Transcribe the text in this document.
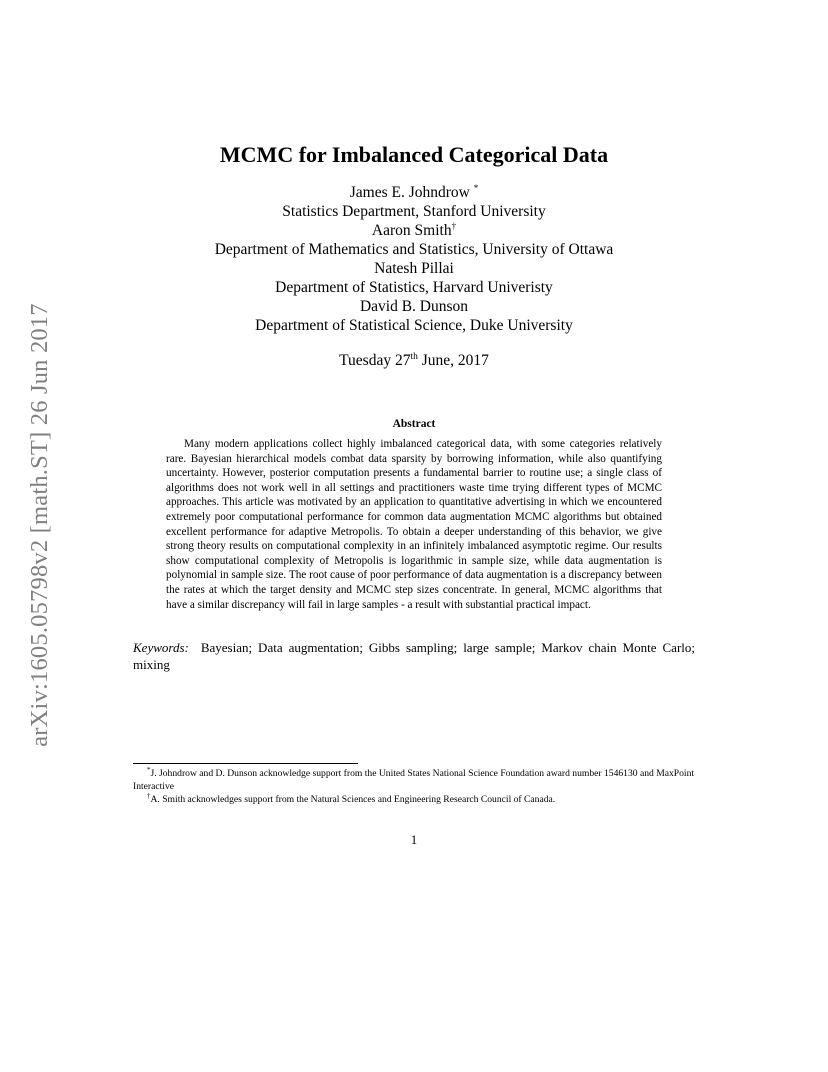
arXiv:1605.05798v2 [math.ST] 26 Jun 2017
MCMC for Imbalanced Categorical Data
James E. Johndrow *
Statistics Department, Stanford University
Aaron Smith†
Department of Mathematics and Statistics, University of Ottawa
Natesh Pillai
Department of Statistics, Harvard Univeristy
David B. Dunson
Department of Statistical Science, Duke University
Tuesday 27th June, 2017
Abstract

Many modern applications collect highly imbalanced categorical data, with some categories relatively rare. Bayesian hierarchical models combat data sparsity by borrowing information, while also quantifying uncertainty. However, posterior computation presents a fundamental barrier to routine use; a single class of algorithms does not work well in all settings and practitioners waste time trying different types of MCMC approaches. This article was motivated by an application to quantitative advertising in which we encountered extremely poor computational performance for common data augmentation MCMC algorithms but obtained excellent performance for adaptive Metropolis. To obtain a deeper understanding of this behavior, we give strong theory results on computational complexity in an infinitely imbalanced asymptotic regime. Our results show computational complexity of Metropolis is logarithmic in sample size, while data augmentation is polynomial in sample size. The root cause of poor performance of data augmentation is a discrepancy between the rates at which the target density and MCMC step sizes concentrate. In general, MCMC algorithms that have a similar discrepancy will fail in large samples - a result with substantial practical impact.

Keywords: Bayesian; Data augmentation; Gibbs sampling; large sample; Markov chain Monte Carlo; mixing

*J. Johndrow and D. Dunson acknowledge support from the United States National Science Foundation award number 1546130 and MaxPoint Interactive

†A. Smith acknowledges support from the Natural Sciences and Engineering Research Council of Canada.

1
